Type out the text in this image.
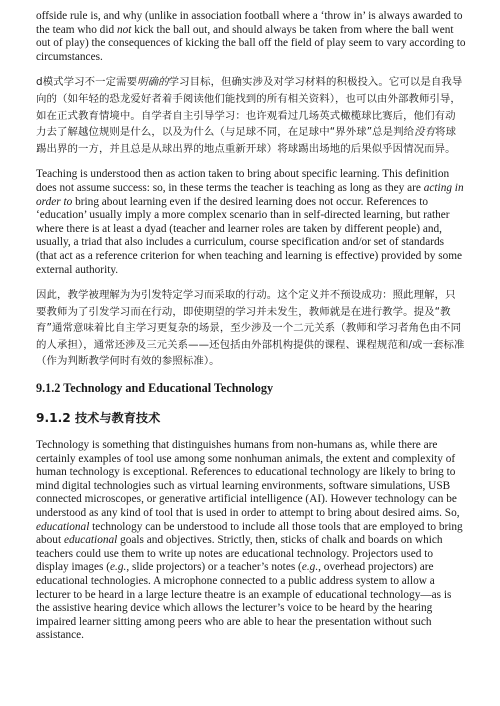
offside rule is, and why (unlike in association football where a ‘throw in’ is always awarded to the team who did not kick the ball out, and should always be taken from where the ball went out of play) the consequences of kicking the ball off the field of play seem to vary according to circumstances.

d模式学习不一定需要明确的学习目标，但确实涉及对学习材料的积极投入。它可以是自我导向的（如年轻的恐龙爱好者着手阅读他们能找到的所有相关资料），也可以由外部教师引导，如在正式教育情境中。自学者自主引导学习：也许观看过几场英式橄榄球比赛后，他们有动力去了解越位规则是什么，以及为什么（与足球不同，在足球中“界外球”总是判给没有将球踢出界的一方，并且总是从球出界的地点重新开球）将球踢出场地的后果似乎因情况而异。

Teaching is understood then as action taken to bring about specific learning. This definition does not assume success: so, in these terms the teacher is teaching as long as they are acting in order to bring about learning even if the desired learning does not occur. References to ‘education’ usually imply a more complex scenario than in self-directed learning, but rather where there is at least a dyad (teacher and learner roles are taken by different people) and, usually, a triad that also includes a curriculum, course specification and/or set of standards (that act as a reference criterion for when teaching and learning is effective) provided by some external authority.

因此，教学被理解为为引发特定学习而采取的行动。这个定义并不预设成功：照此理解，只要教师为了引发学习而在行动，即使期望的学习并未发生，教师就是在进行教学。提及“教育”通常意味着比自主学习更复杂的场景，至少涉及一个二元关系（教师和学习者角色由不同的人承担），通常还涉及三元关系——还包括由外部机构提供的课程、课程规范和/或一套标准（作为判断教学何时有效的参照标准）。

9.1.2 Technology and Educational Technology
9.1.2 技术与教育技术

Technology is something that distinguishes humans from non-humans as, while there are certainly examples of tool use among some nonhuman animals, the extent and complexity of human technology is exceptional. References to educational technology are likely to bring to mind digital technologies such as virtual learning environments, software simulations, USB connected microscopes, or generative artificial intelligence (AI). However technology can be understood as any kind of tool that is used in order to attempt to bring about desired aims. So, educational technology can be understood to include all those tools that are employed to bring about educational goals and objectives. Strictly, then, sticks of chalk and boards on which teachers could use them to write up notes are educational technology. Projectors used to display images (e.g., slide projectors) or a teacher’s notes (e.g., overhead projectors) are educational technologies. A microphone connected to a public address system to allow a lecturer to be heard in a large lecture theatre is an example of educational technology—as is the assistive hearing device which allows the lecturer’s voice to be heard by the hearing impaired learner sitting among peers who are able to hear the presentation without such assistance.
